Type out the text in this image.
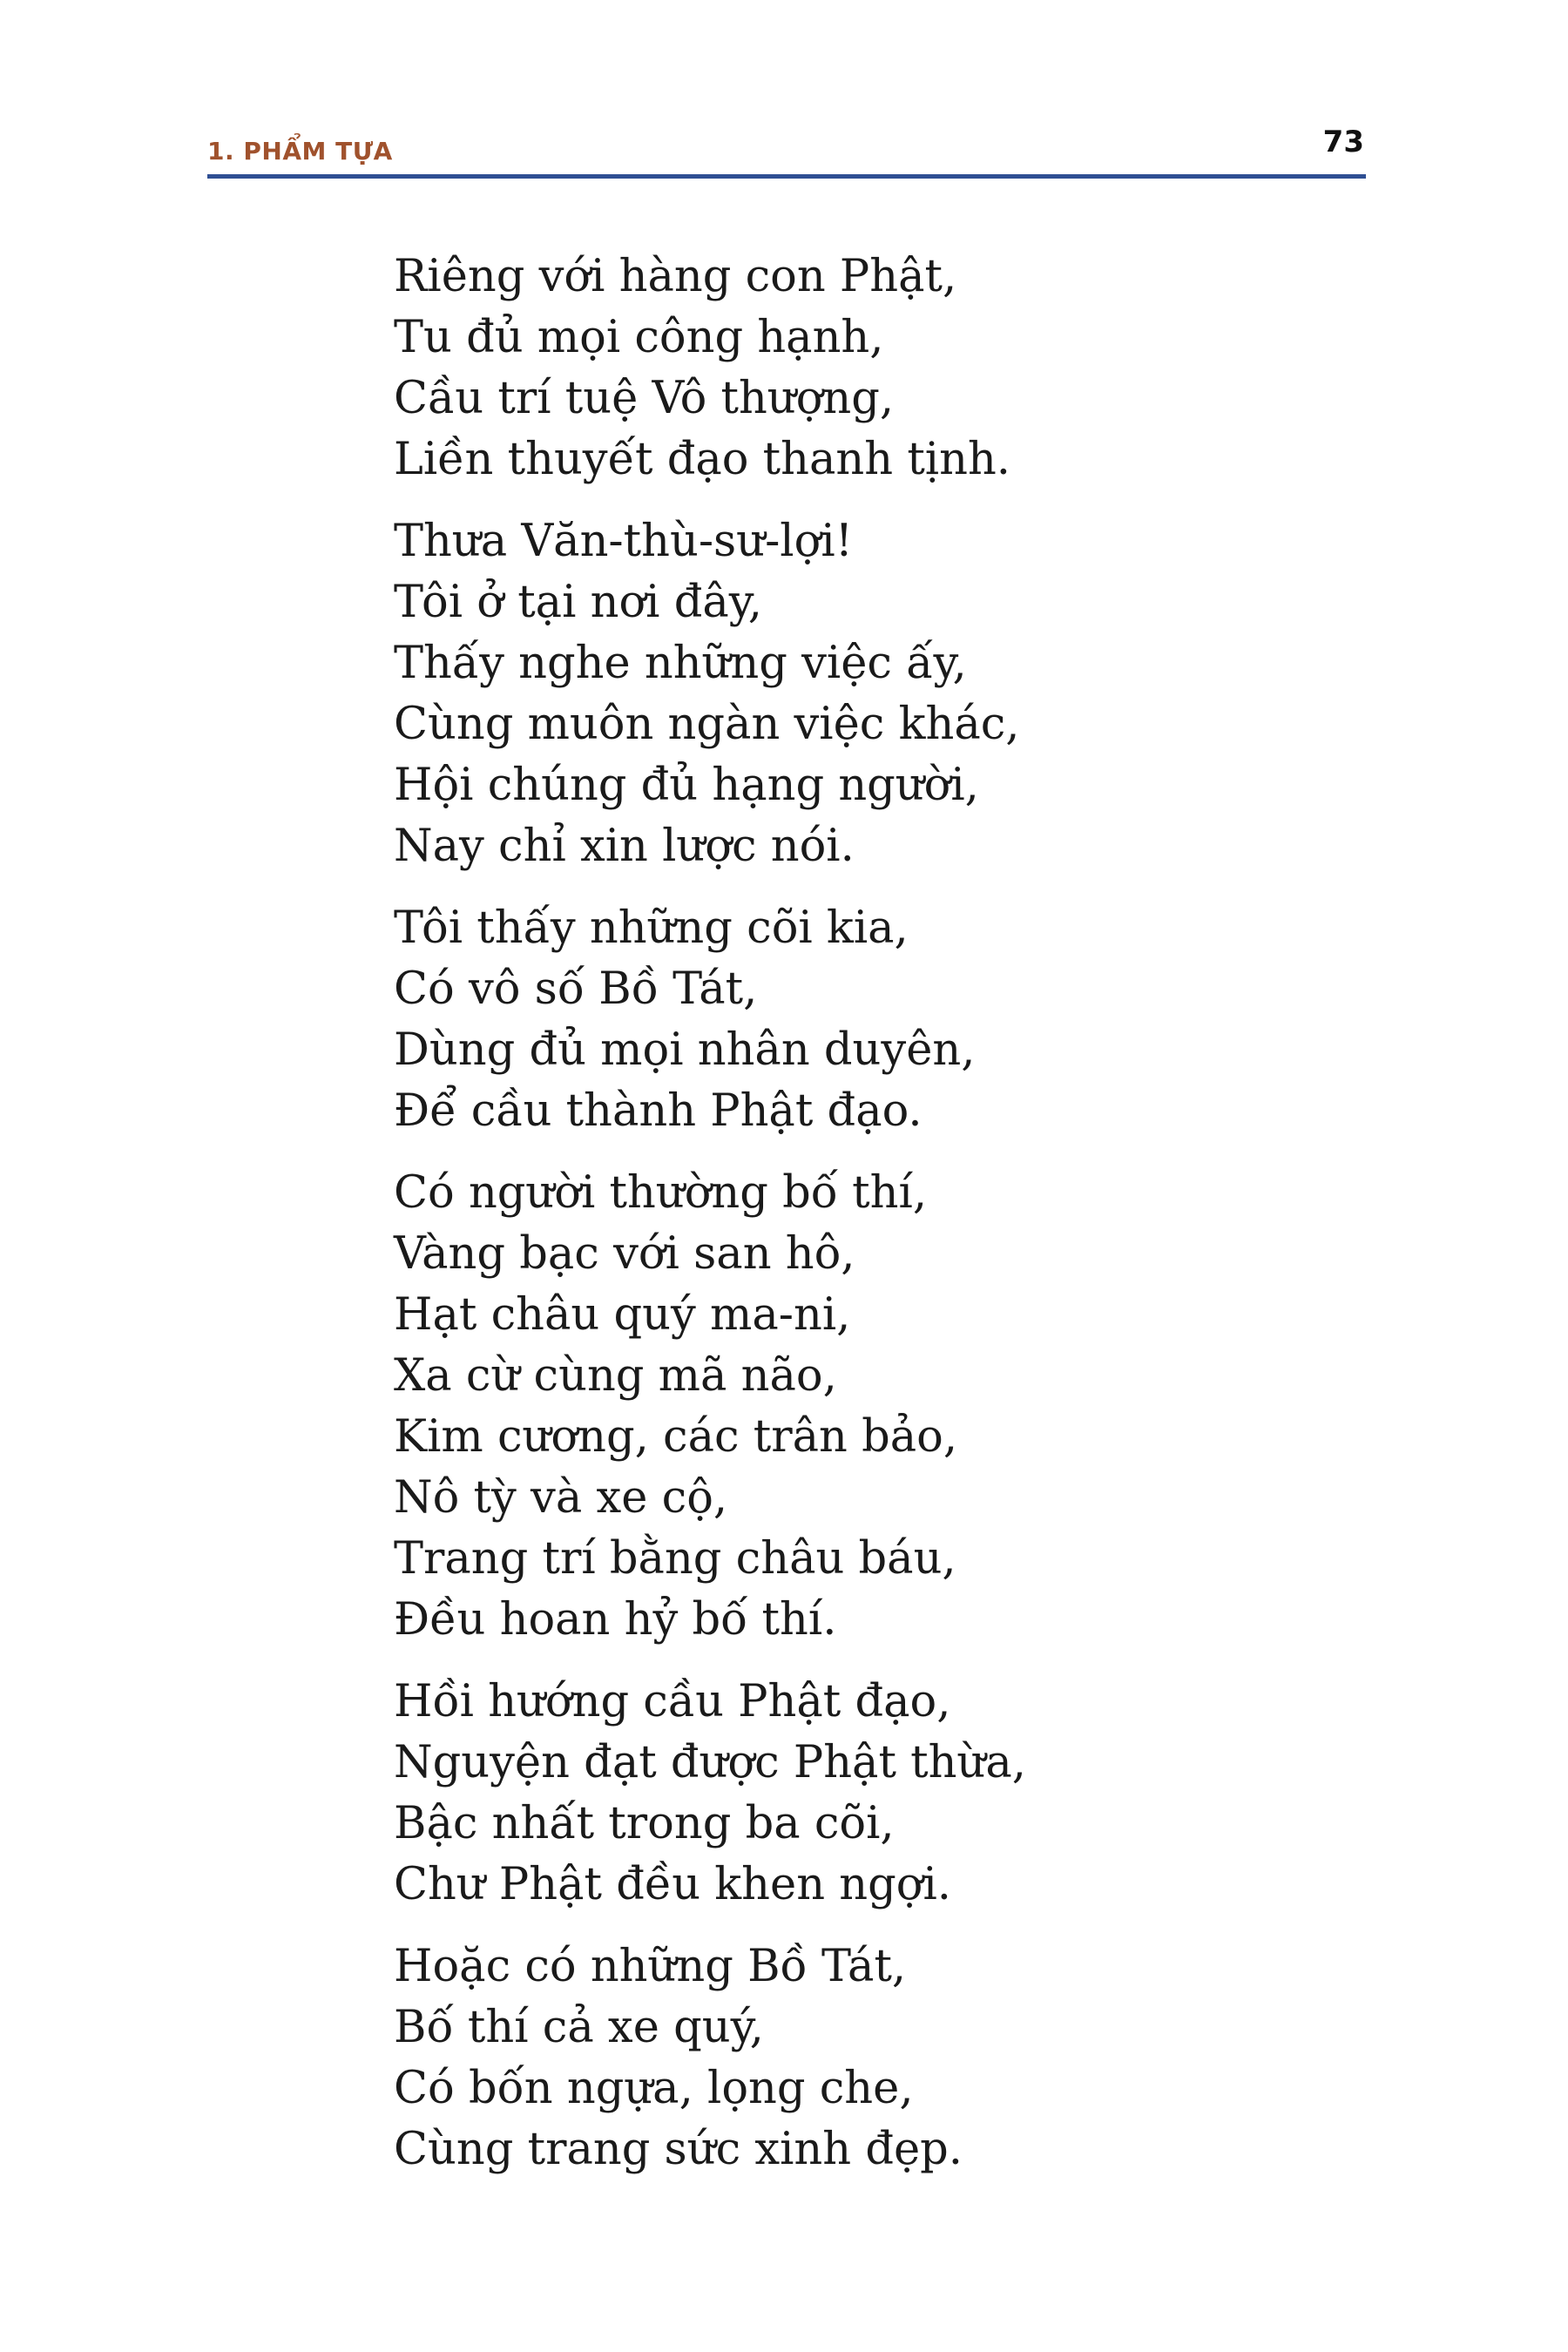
1. PHẨM TỰA	73
Riêng với hàng con Phật,
Tu đủ mọi công hạnh,
Cầu trí tuệ Vô thượng,
Liền thuyết đạo thanh tịnh.
Thưa Văn-thù-sư-lợi!
Tôi ở tại nơi đây,
Thấy nghe những việc ấy,
Cùng muôn ngàn việc khác,
Hội chúng đủ hạng người,
Nay chỉ xin lược nói.
Tôi thấy những cõi kia,
Có vô số Bồ Tát,
Dùng đủ mọi nhân duyên,
Để cầu thành Phật đạo.
Có người thường bố thí,
Vàng bạc với san hô,
Hạt châu quý ma-ni,
Xa cừ cùng mã não,
Kim cương, các trân bảo,
Nô tỳ và xe cộ,
Trang trí bằng châu báu,
Đều hoan hỷ bố thí.
Hồi hướng cầu Phật đạo,
Nguyện đạt được Phật thừa,
Bậc nhất trong ba cõi,
Chư Phật đều khen ngợi.
Hoặc có những Bồ Tát,
Bố thí cả xe quý,
Có bốn ngựa, lọng che,
Cùng trang sức xinh đẹp.
